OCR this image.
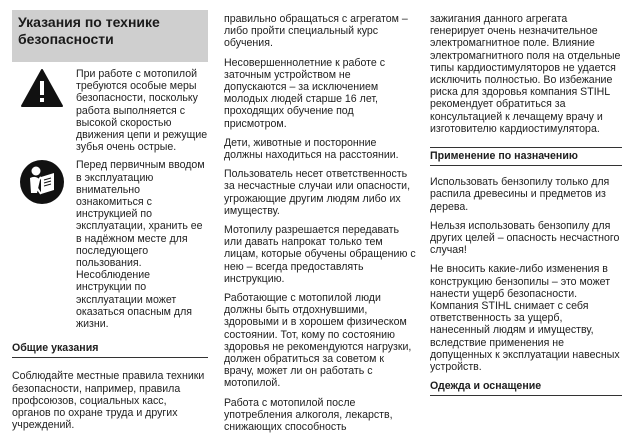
Указания по технике безопасности
При работе с мотопилой требуются особые меры безопасности, поскольку работа выполняется с высокой скоростью движения цепи и режущие зубья очень острые.
Перед первичным вводом в эксплуатацию внимательно ознакомиться с инструкцией по эксплуатации, хранить ее в надёжном месте для последующего пользования. Несоблюдение инструкции по эксплуатации может оказаться опасным для жизни.
Общие указания

Соблюдайте местные правила техники безопасности, например, правила профсоюзов, социальных касс, органов по охране труда и других учреждений.

правильно обращаться с агрегатом – либо пройти специальный курс обучения.

Несовершеннолетние к работе с заточным устройством не допускаются – за исключением молодых людей старше 16 лет, проходящих обучение под присмотром.

Дети, животные и посторонние должны находиться на расстоянии.

Пользователь несет ответственность за несчастные случаи или опасности, угрожающие другим людям либо их имуществу.

Мотопилу разрешается передавать или давать напрокат только тем лицам, которые обучены обращению с нею – всегда предоставлять инструкцию.

Работающие с мотопилой люди должны быть отдохнувшими, здоровыми и в хорошем физическом состоянии. Тот, кому по состоянию здоровья не рекомендуются нагрузки, должен обратиться за советом к врачу, может ли он работать с мотопилой.

Работа с мотопилой после употребления алкоголя, лекарств, снижающих способность

зажигания данного агрегата генерирует очень незначительное электромагнитное поле. Влияние электромагнитного поля на отдельные типы кардиостимуляторов не удается исключить полностью. Во избежание риска для здоровья компания STIHL рекомендует обратиться за консультацией к лечащему врачу и изготовителю кардиостимулятора.

Применение по назначению

Использовать бензопилу только для распила древесины и предметов из дерева.

Нельзя использовать бензопилу для других целей – опасность несчастного случая!

Не вносить какие-либо изменения в конструкцию бензопилы – это может нанести ущерб безопасности. Компания STIHL снимает с себя ответственность за ущерб, нанесенный людям и имуществу, вследствие применения не допущенных к эксплуатации навесных устройств.

Одежда и оснащение
